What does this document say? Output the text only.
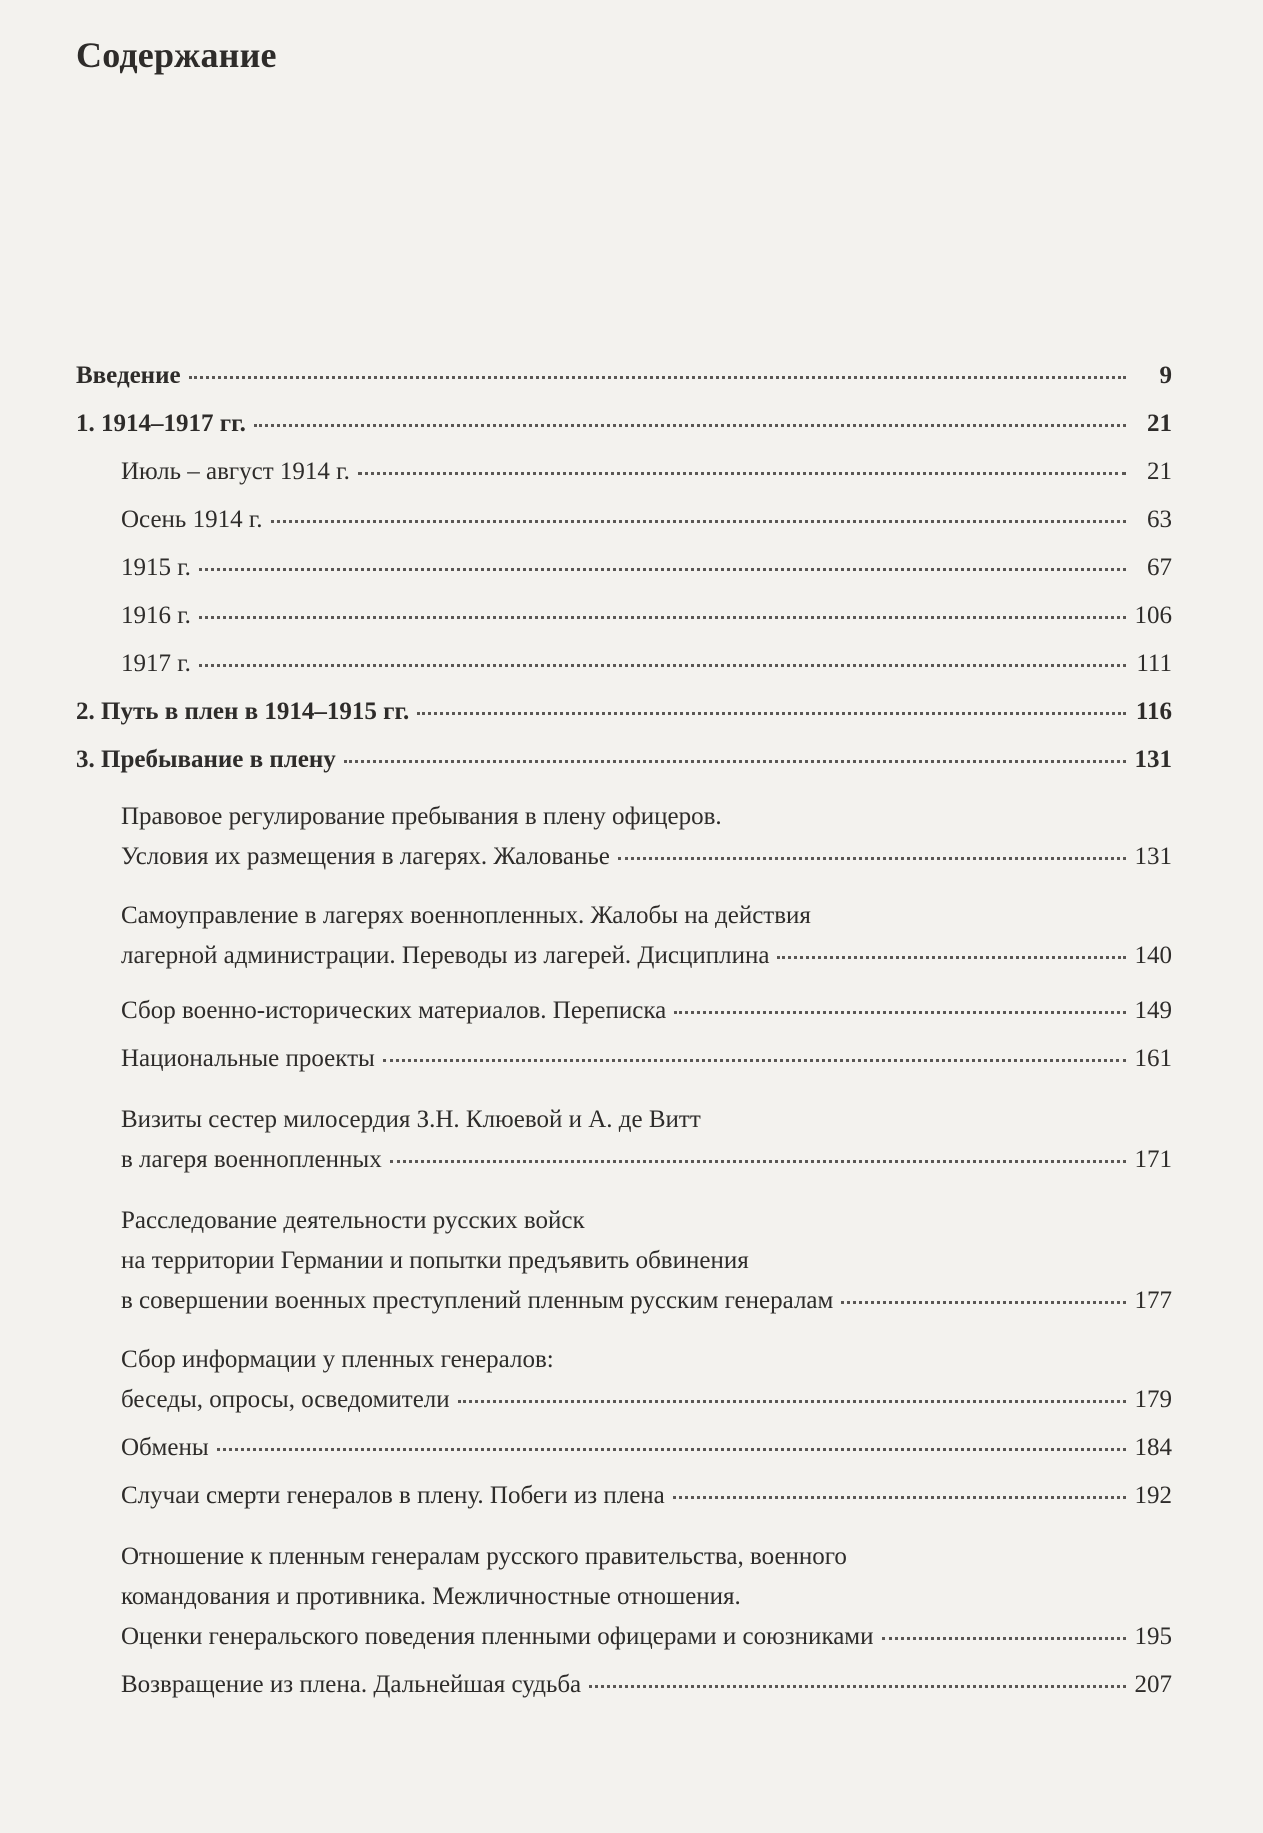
Содержание
Введение	9
1. 1914–1917 гг.	21
Июль – август 1914 г.	21
Осень 1914 г.	63
1915 г.	67
1916 г.	106
1917 г.	111
2. Путь в плен в 1914–1915 гг.	116
3. Пребывание в плену	131
Правовое регулирование пребывания в плену офицеров.
Условия их размещения в лагерях. Жалованье	131
Самоуправление в лагерях военнопленных. Жалобы на действия
лагерной администрации. Переводы из лагерей. Дисциплина	140
Сбор военно-исторических материалов. Переписка	149
Национальные проекты	161
Визиты сестер милосердия З.Н. Клюевой и А. де Витт
в лагеря военнопленных	171
Расследование деятельности русских войск
на территории Германии и попытки предъявить обвинения
в совершении военных преступлений пленным русским генералам	177
Сбор информации у пленных генералов:
беседы, опросы, осведомители	179
Обмены	184
Случаи смерти генералов в плену. Побеги из плена	192
Отношение к пленным генералам русского правительства, военного
командования и противника. Межличностные отношения.
Оценки генеральского поведения пленными офицерами и союзниками	195
Возвращение из плена. Дальнейшая судьба	207
